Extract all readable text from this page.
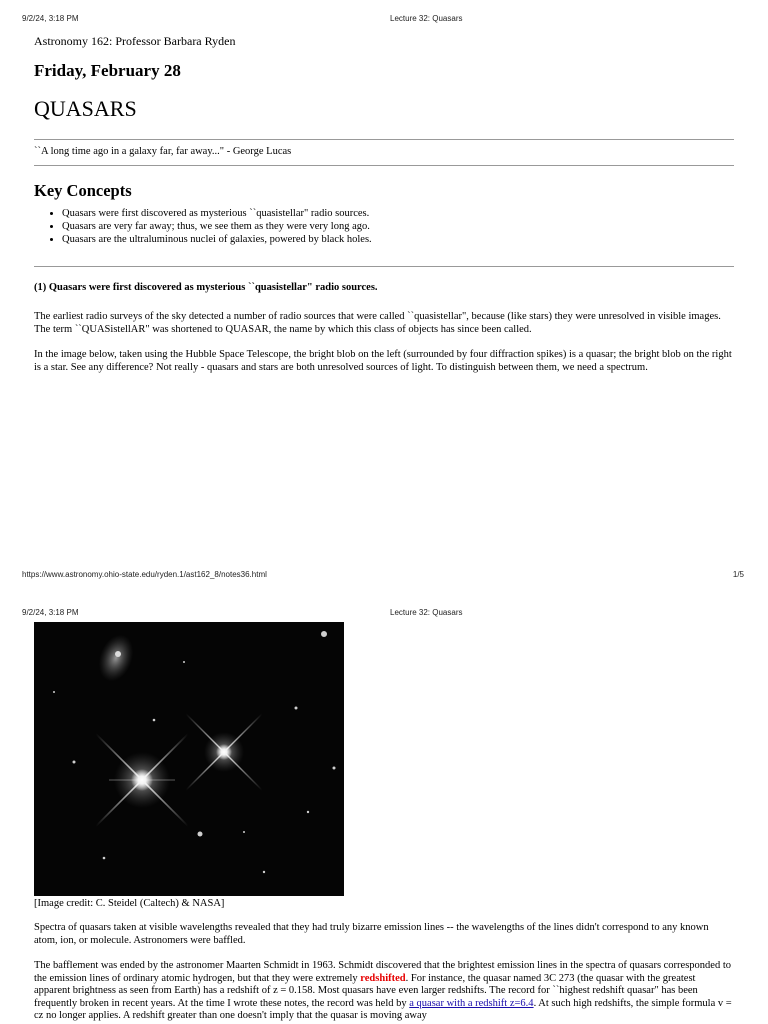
9/2/24, 3:18 PM	Lecture 32: Quasars
Astronomy 162: Professor Barbara Ryden
Friday, February 28
QUASARS
``A long time ago in a galaxy far, far away..." - George Lucas
Key Concepts
• Quasars were first discovered as mysterious ``quasistellar" radio sources.
• Quasars are very far away; thus, we see them as they were very long ago.
• Quasars are the ultraluminous nuclei of galaxies, powered by black holes.
(1) Quasars were first discovered as mysterious ``quasistellar" radio sources.

The earliest radio surveys of the sky detected a number of radio sources that were called ``quasistellar", because (like stars) they were unresolved in visible images. The term ``QUASistellAR" was shortened to QUASAR, the name by which this class of objects has since been called.

In the image below, taken using the Hubble Space Telescope, the bright blob on the left (surrounded by four diffraction spikes) is a quasar; the bright blob on the right is a star. See any difference? Not really - quasars and stars are both unresolved sources of light. To distinguish between them, we need a spectrum.

https://www.astronomy.ohio-state.edu/ryden.1/ast162_8/notes36.html	1/5
9/2/24, 3:18 PM	Lecture 32: Quasars
[Image credit: C. Steidel (Caltech) & NASA]

Spectra of quasars taken at visible wavelengths revealed that they had truly bizarre emission lines -- the wavelengths of the lines didn't correspond to any known atom, ion, or molecule. Astronomers were baffled.

The bafflement was ended by the astronomer Maarten Schmidt in 1963. Schmidt discovered that the brightest emission lines in the spectra of quasars corresponded to the emission lines of ordinary atomic hydrogen, but that they were extremely redshifted. For instance, the quasar named 3C 273 (the quasar with the greatest apparent brightness as seen from Earth) has a redshift of z = 0.158. Most quasars have even larger redshifts. The record for ``highest redshift quasar" has been frequently broken in recent years. At the time I wrote these notes, the record was held by a quasar with a redshift z=6.4. At such high redshifts, the simple formula v = cz no longer applies. A redshift greater than one doesn't imply that the quasar is moving away
